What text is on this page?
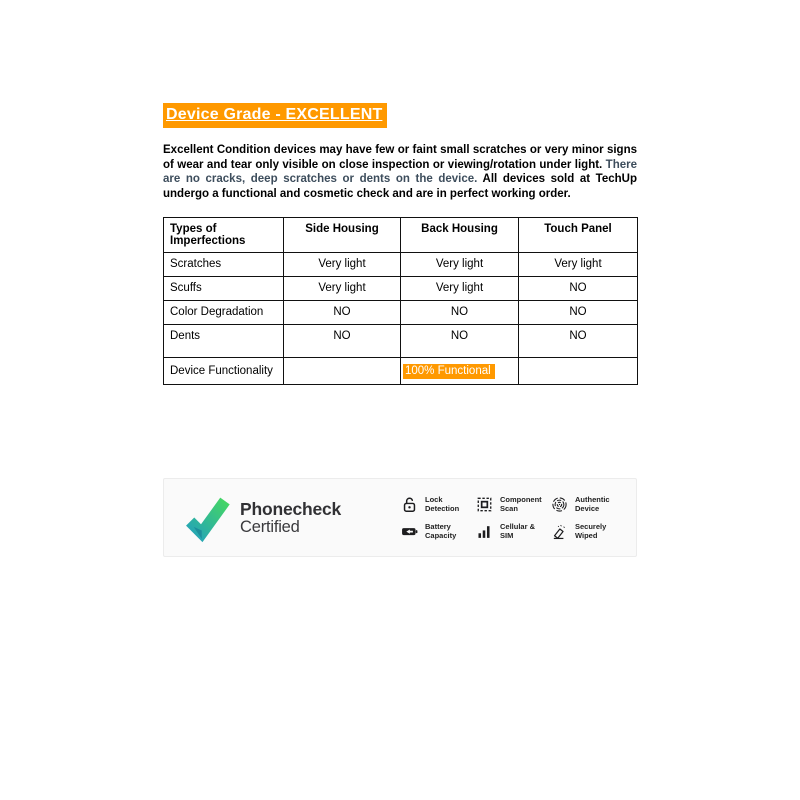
Device Grade - EXCELLENT

Excellent Condition devices may have few or faint small scratches or very minor signs of wear and tear only visible on close inspection or viewing/rotation under light. There are no cracks, deep scratches or dents on the device. All devices sold at TechUp undergo a functional and cosmetic check and are in perfect working order.

Types of Imperfections	Side Housing	Back Housing	Touch Panel
Scratches	Very light	Very light	Very light
Scuffs	Very light	Very light	NO
Color Degradation	NO	NO	NO
Dents	NO	NO	NO
Device Functionality		100% Functional	
Phonecheck
Certified
Lock Detection
Component Scan
Authentic Device
Battery Capacity
Cellular & SIM
Securely Wiped
